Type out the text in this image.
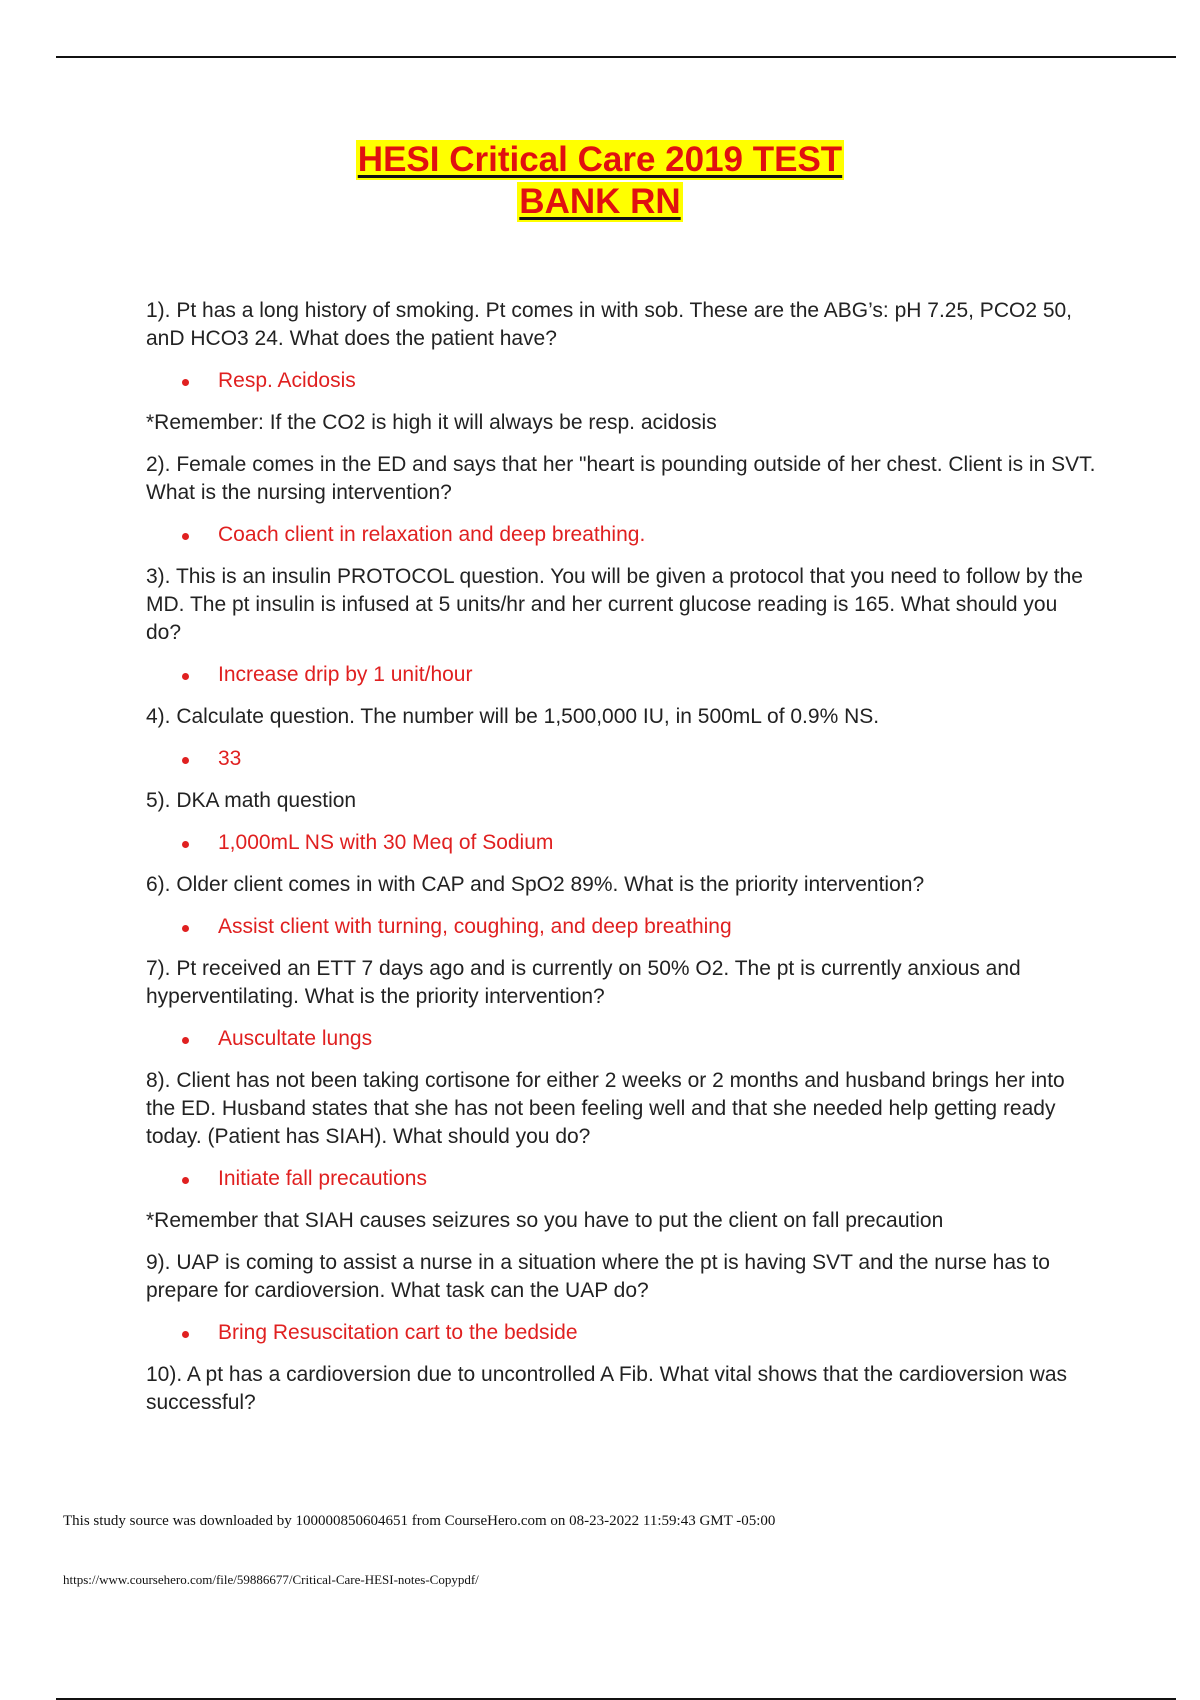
HESI Critical Care 2019 TEST
BANK RN

1). Pt has a long history of smoking. Pt comes in with sob. These are the ABG’s: pH 7.25, PCO2 50, anD HCO3 24. What does the patient have?

Resp. Acidosis

*Remember: If the CO2 is high it will always be resp. acidosis

2). Female comes in the ED and says that her "heart is pounding outside of her chest. Client is in SVT. What is the nursing intervention?

Coach client in relaxation and deep breathing.

3). This is an insulin PROTOCOL question. You will be given a protocol that you need to follow by the MD. The pt insulin is infused at 5 units/hr and her current glucose reading is 165. What should you do?

Increase drip by 1 unit/hour

4). Calculate question. The number will be 1,500,000 IU, in 500mL of 0.9% NS.

33

5). DKA math question

1,000mL NS with 30 Meq of Sodium

6). Older client comes in with CAP and SpO2 89%. What is the priority intervention?

Assist client with turning, coughing, and deep breathing

7). Pt received an ETT 7 days ago and is currently on 50% O2. The pt is currently anxious and hyperventilating. What is the priority intervention?

Auscultate lungs

8). Client has not been taking cortisone for either 2 weeks or 2 months and husband brings her into the ED. Husband states that she has not been feeling well and that she needed help getting ready today. (Patient has SIAH). What should you do?

Initiate fall precautions

*Remember that SIAH causes seizures so you have to put the client on fall precaution

9). UAP is coming to assist a nurse in a situation where the pt is having SVT and the nurse has to prepare for cardioversion. What task can the UAP do?

Bring Resuscitation cart to the bedside

10). A pt has a cardioversion due to uncontrolled A Fib. What vital shows that the cardioversion was successful?

This study source was downloaded by 100000850604651 from CourseHero.com on 08-23-2022 11:59:43 GMT -05:00
https://www.coursehero.com/file/59886677/Critical-Care-HESI-notes-Copypdf/
